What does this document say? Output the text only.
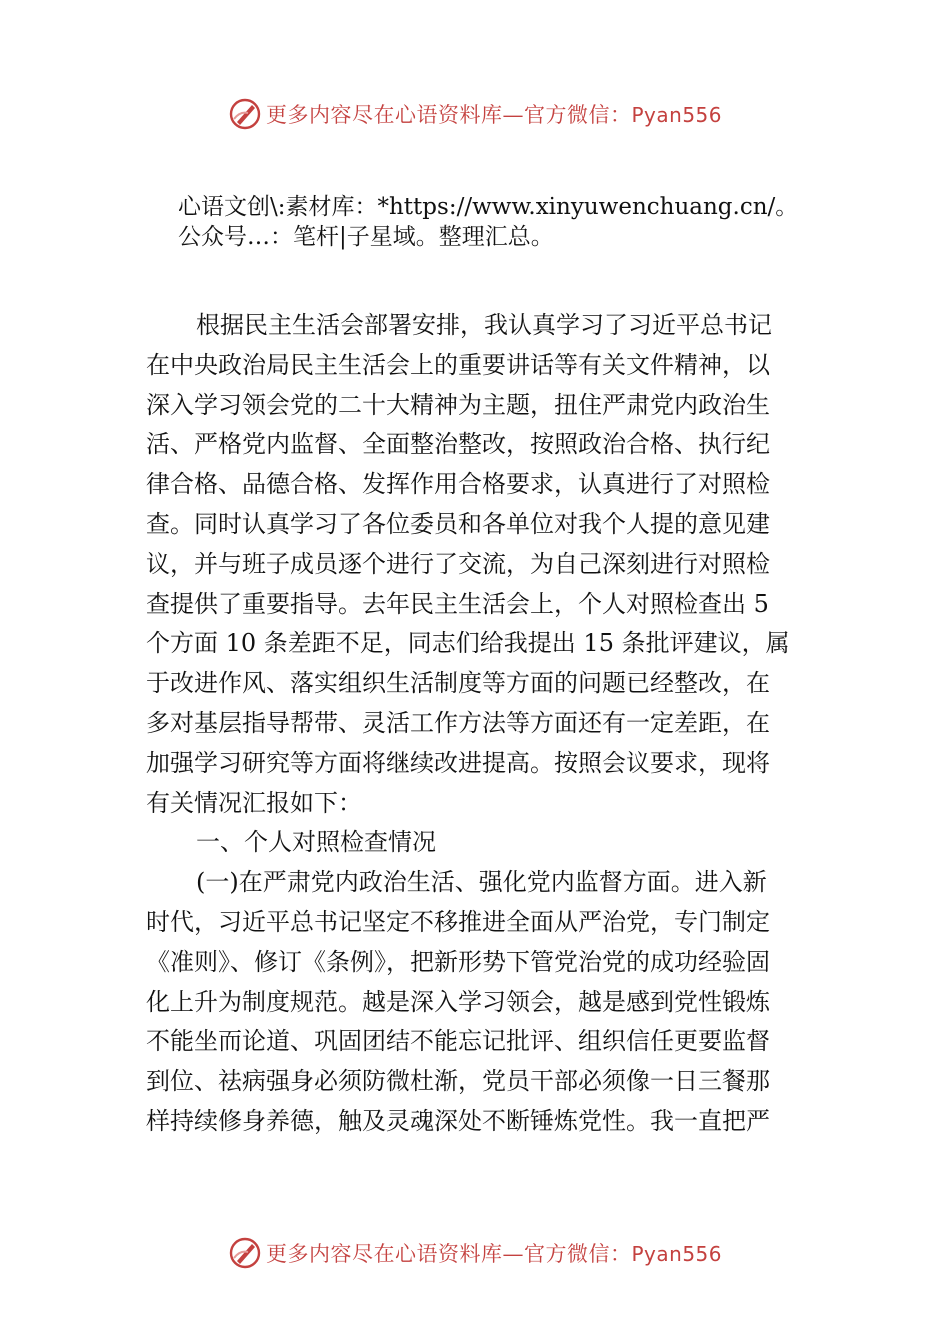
更多内容尽在心语资料库—官方微信：Pyan556
心语文创\:素材库：*https://www.xinyuwenchuang.cn/。
公众号…：笔杆|子星域。整理汇总。
根据民主生活会部署安排，我认真学习了习近平总书记
在中央政治局民主生活会上的重要讲话等有关文件精神，以
深入学习领会党的二十大精神为主题，扭住严肃党内政治生
活、严格党内监督、全面整治整改，按照政治合格、执行纪
律合格、品德合格、发挥作用合格要求，认真进行了对照检
查。同时认真学习了各位委员和各单位对我个人提的意见建
议，并与班子成员逐个进行了交流，为自己深刻进行对照检
查提供了重要指导。去年民主生活会上，个人对照检查出 5
个方面 10 条差距不足，同志们给我提出 15 条批评建议，属
于改进作风、落实组织生活制度等方面的问题已经整改，在
多对基层指导帮带、灵活工作方法等方面还有一定差距，在
加强学习研究等方面将继续改进提高。按照会议要求，现将
有关情况汇报如下：
一、个人对照检查情况
(一)在严肃党内政治生活、强化党内监督方面。进入新
时代，习近平总书记坚定不移推进全面从严治党，专门制定
《准则》、修订《条例》，把新形势下管党治党的成功经验固
化上升为制度规范。越是深入学习领会，越是感到党性锻炼
不能坐而论道、巩固团结不能忘记批评、组织信任更要监督
到位、祛病强身必须防微杜渐，党员干部必须像一日三餐那
样持续修身养德，触及灵魂深处不断锤炼党性。我一直把严
更多内容尽在心语资料库—官方微信：Pyan556
